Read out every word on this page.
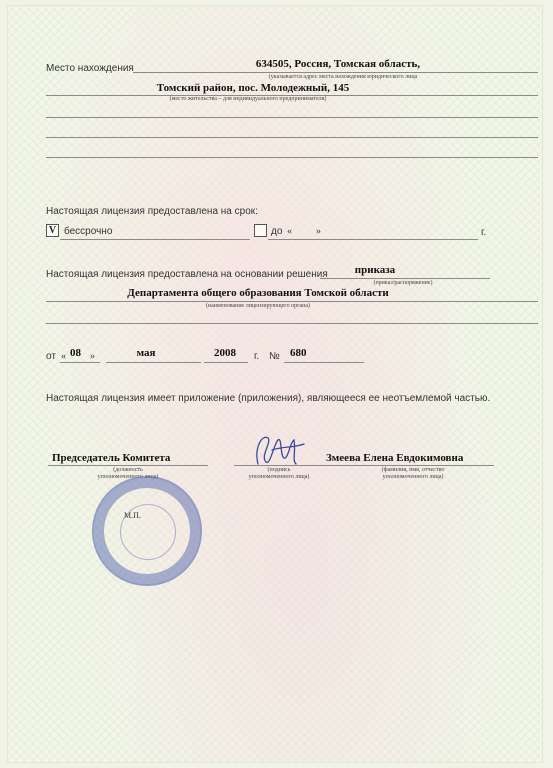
Место нахождения	634505, Россия, Томская область,
(указывается адрес места нахождения юридического лица
Томский район, пос. Молодежный, 145
(место жительства – для индивидуального предпринимателя)
Настоящая лицензия предоставлена на срок:
V бессрочно	до « »	г.
Настоящая лицензия предоставлена на основании решения	приказа
(приказ/распоряжение)
Департамента общего образования Томской области
(наименование лицензирующего органа)
от « 08 »	мая	2008	г. № 680
Настоящая лицензия имеет приложение (приложения), являющееся ее неотъемлемой частью.
Председатель Комитета
(должность
уполномоченного лица)
(подпись
уполномоченного лица)
Змеева Елена Евдокимовна
(фамилия, имя, отчество
уполномоченного лица)
М.П.
